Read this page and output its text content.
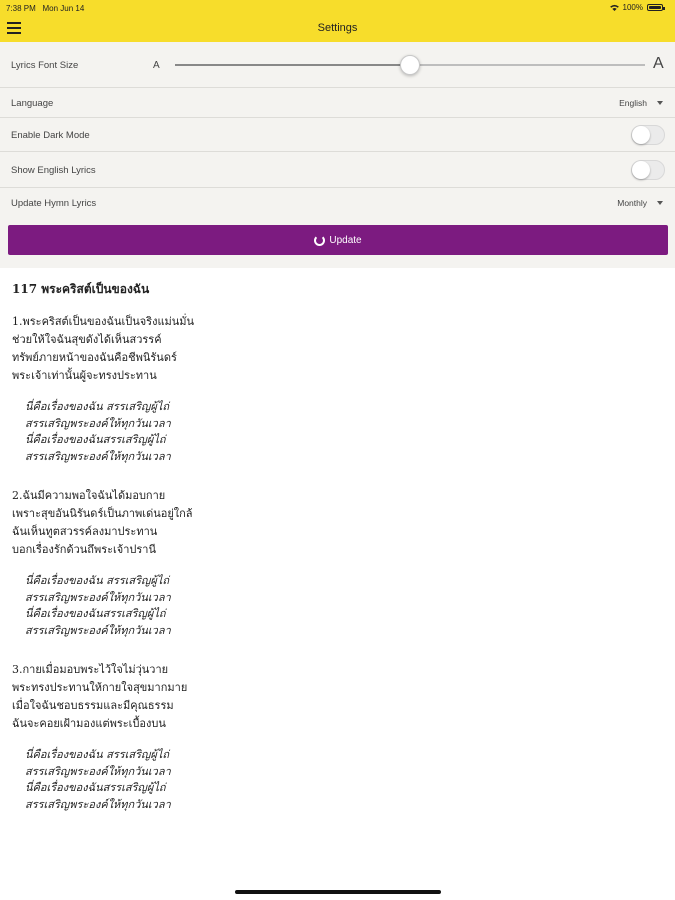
7:38 PM Mon Jun 14	100%
Settings
Lyrics Font Size	A	A
Language	English
Enable Dark Mode
Show English Lyrics
Update Hymn Lyrics	Monthly
Update
117 พระคริสต์เป็นของฉัน
1.พระคริสต์เป็นของฉันเป็นจริงแม่นมั่น
ช่วยให้ใจฉันสุขดังได้เห็นสวรรค์
ทรัพย์ภายหน้าของฉันคือชีพนิรันดร์
พระเจ้าเท่านั้นผู้จะทรงประทาน
นี่คือเรื่องของฉัน สรรเสริญผู้ไถ่
สรรเสริญพระองค์ให้ทุกวันเวลา
นี่คือเรื่องของฉันสรรเสริญผู้ไถ่
สรรเสริญพระองค์ให้ทุกวันเวลา
2.ฉันมีความพอใจฉันได้มอบกาย
เพราะสุขอันนิรันดร์เป็นภาพเด่นอยู่ใกล้
ฉันเห็นทูตสวรรค์ลงมาประทาน
บอกเรื่องรักด้วนถึพระเจ้าปรานี
นี่คือเรื่องของฉัน สรรเสริญผู้ไถ่
สรรเสริญพระองค์ให้ทุกวันเวลา
นี่คือเรื่องของฉันสรรเสริญผู้ไถ่
สรรเสริญพระองค์ให้ทุกวันเวลา
3.กายเมื่อมอบพระไว้ใจไม่วุ่นวาย
พระทรงประทานให้กายใจสุขมากมาย
เมื่อใจฉันชอบธรรมและมีคุณธรรม
ฉันจะคอยเฝ้ามองแต่พระเบื้องบน
นี่คือเรื่องของฉัน สรรเสริญผู้ไถ่
สรรเสริญพระองค์ให้ทุกวันเวลา
นี่คือเรื่องของฉันสรรเสริญผู้ไถ่
สรรเสริญพระองค์ให้ทุกวันเวลา
